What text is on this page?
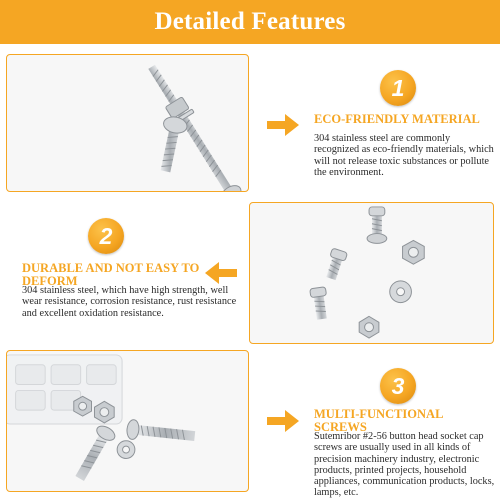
Detailed Features
1
ECO-FRIENDLY MATERIAL
304 stainless steel are commonly recognized as eco-friendly materials, which will not release toxic substances or pollute the environment.
2
DURABLE AND NOT EASY TO DEFORM
304 stainless steel, which have high strength, well wear resistance, corrosion resistance, rust resistance and excellent oxidation resistance.
3
MULTI-FUNCTIONAL SCREWS
Sutemribor #2-56 button head socket cap screws are usually used in all kinds of precision machinery industry, electronic products, printed projects, household appliances, communication products, locks, lamps, etc.
